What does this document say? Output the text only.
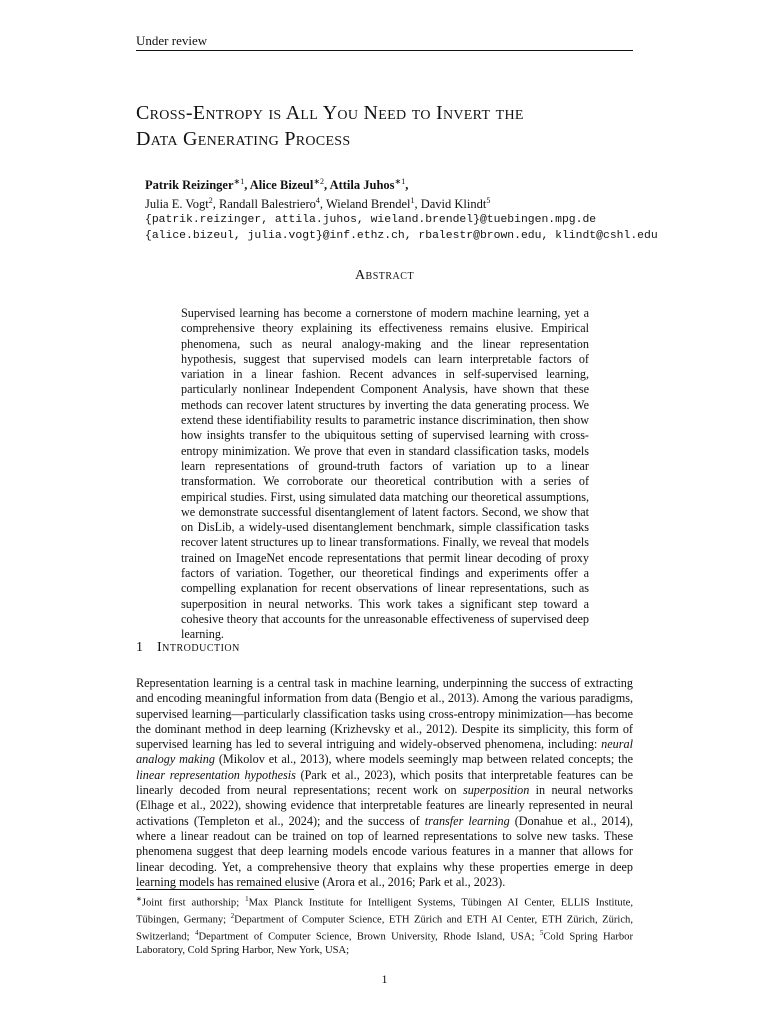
Under review
Cross-Entropy is All You Need to Invert the
Data Generating Process
Patrik Reizinger$^{∗1}$, Alice Bizeul$^{∗2}$, Attila Juhos$^{∗1}$,
Julia E. Vogt$^2$, Randall Balestriero$^4$, Wieland Brendel$^1$, David Klindt$^5$
{patrik.reizinger, attila.juhos, wieland.brendel}@tuebingen.mpg.de
{alice.bizeul, julia.vogt}@inf.ethz.ch, rbalestr@brown.edu, klindt@cshl.edu
Abstract

Supervised learning has become a cornerstone of modern machine learning, yet a comprehensive theory explaining its effectiveness remains elusive. Empirical phenomena, such as neural analogy-making and the linear representation hypothesis, suggest that supervised models can learn interpretable factors of variation in a linear fashion. Recent advances in self-supervised learning, particularly nonlinear Independent Component Analysis, have shown that these methods can recover latent structures by inverting the data generating process. We extend these identifiability results to parametric instance discrimination, then show how insights transfer to the ubiquitous setting of supervised learning with cross-entropy minimization. We prove that even in standard classification tasks, models learn representations of ground-truth factors of variation up to a linear transformation. We corroborate our theoretical contribution with a series of empirical studies. First, using simulated data matching our theoretical assumptions, we demonstrate successful disentanglement of latent factors. Second, we show that on DisLib, a widely-used disentanglement benchmark, simple classification tasks recover latent structures up to linear transformations. Finally, we reveal that models trained on ImageNet encode representations that permit linear decoding of proxy factors of variation. Together, our theoretical findings and experiments offer a compelling explanation for recent observations of linear representations, such as superposition in neural networks. This work takes a significant step toward a cohesive theory that accounts for the unreasonable effectiveness of supervised deep learning.

1 Introduction

Representation learning is a central task in machine learning, underpinning the success of extracting and encoding meaningful information from data (Bengio et al., 2013). Among the various paradigms, supervised learning—particularly classification tasks using cross-entropy minimization—has become the dominant method in deep learning (Krizhevsky et al., 2012). Despite its simplicity, this form of supervised learning has led to several intriguing and widely-observed phenomena, including: neural analogy making (Mikolov et al., 2013), where models seemingly map between related concepts; the linear representation hypothesis (Park et al., 2023), which posits that interpretable features can be linearly decoded from neural representations; recent work on superposition in neural networks (Elhage et al., 2022), showing evidence that interpretable features are linearly represented in neural activations (Templeton et al., 2024); and the success of transfer learning (Donahue et al., 2014), where a linear readout can be trained on top of learned representations to solve new tasks. These phenomena suggest that deep learning models encode various features in a manner that allows for linear decoding. Yet, a comprehensive theory that explains why these properties emerge in deep learning models has remained elusive (Arora et al., 2016; Park et al., 2023).

∗Joint first authorship; $^1$Max Planck Institute for Intelligent Systems, Tübingen AI Center, ELLIS Institute, Tübingen, Germany; $^2$Department of Computer Science, ETH Zürich and ETH AI Center, ETH Zürich, Zürich, Switzerland; $^4$Department of Computer Science, Brown University, Rhode Island, USA; $^5$Cold Spring Harbor Laboratory, Cold Spring Harbor, New York, USA;

1
